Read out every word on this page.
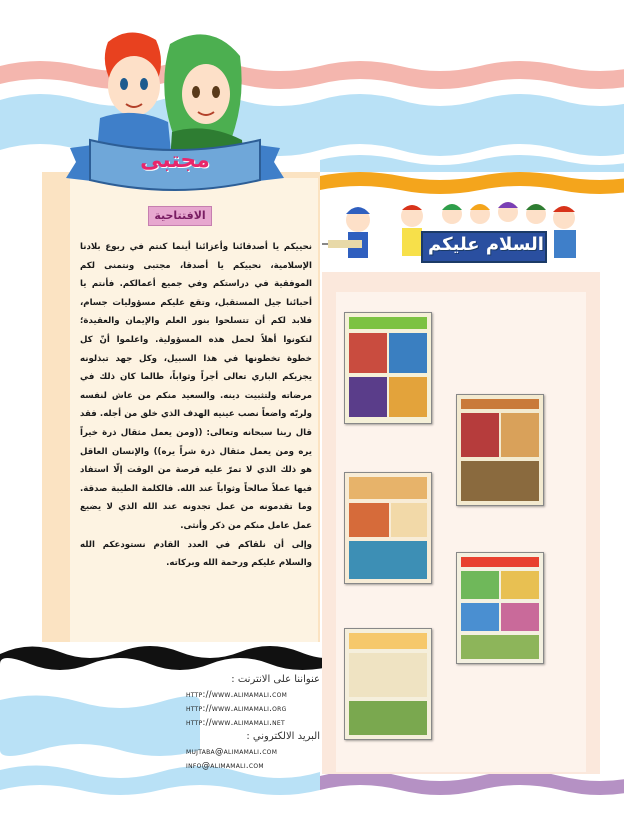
مجتبى
السلام عليكم
الافتتاحية
نحييكم يا أصدقائنا وأعزائنا أينما كنتم في ربوع بلادنا الإسلامية، نحييكم يا أصدقا، مجتبى ونتمنى لكم الموفقية في دراستكم وفي جميع أعمالكم. فأنتم يا أحبائنا جيل المستقبل، وتقع عليكم مسؤوليات جسام، فلابد لكم أن تتسلحوا بنور العلم والإيمان والعقيدة؛ لتكونوا أهلاً لحمل هذه المسؤولية. واعلموا أنّ كل خطوة تخطونها في هذا السبيل، وكل جهد تبذلونه يجزيكم الباري تعالى أجراً وثواباً، طالما كان ذلك في مرضاته ولتثبيت دينه. والسعيد منكم من عاش لنفسه ولربّه واضعاً نصب عينيه الهدف الذي خلق من أجله. فقد قال ربنا سبحانه وتعالى: ((ومن يعمل مثقال ذرة خيراً يره ومن يعمل مثقال ذرة شراً يره)) والإنسان العاقل هو ذلك الذي لا تمرّ عليه فرصة من الوقت إلّا استفاد فيها عملاً صالحاً وثواباً عند الله. فالكلمة الطيبة صدقة. وما تقدمونه من عمل تجدونه عند الله الذي لا يضيع عمل عامل منكم من ذكر وأنثى.
وإلى أن نلقاكم في العدد القادم نستودعكم الله والسلام عليكم ورحمة الله وبركاته.
عنواننا على الانترنت :
http://www.alimamali.com
http://www.alimamali.org
http://www.alimamali.net
البريد الالكتروني :
mujtaba@alimamali.com
info@alimamali.com
